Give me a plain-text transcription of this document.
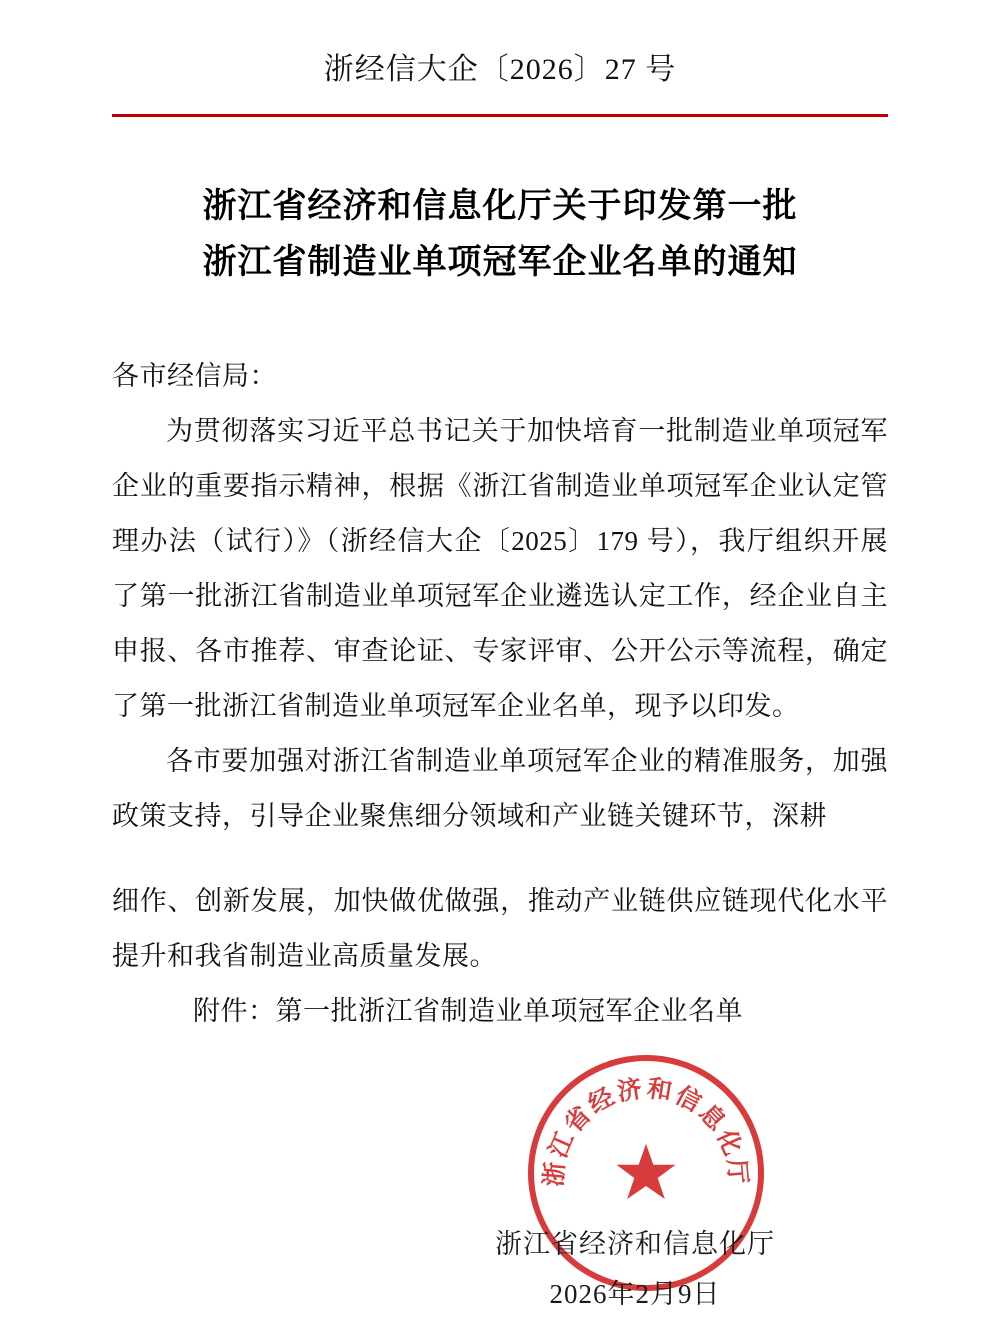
浙经信大企〔2026〕27 号
浙江省经济和信息化厅关于印发第一批
浙江省制造业单项冠军企业名单的通知

各市经信局：

为贯彻落实习近平总书记关于加快培育一批制造业单项冠军企业的重要指示精神，根据《浙江省制造业单项冠军企业认定管理办法（试行）》（浙经信大企〔2025〕179 号），我厅组织开展了第一批浙江省制造业单项冠军企业遴选认定工作，经企业自主申报、各市推荐、审查论证、专家评审、公开公示等流程，确定了第一批浙江省制造业单项冠军企业名单，现予以印发。

各市要加强对浙江省制造业单项冠军企业的精准服务，加强政策支持，引导企业聚焦细分领域和产业链关键环节，深耕

细作、创新发展，加快做优做强，推动产业链供应链现代化水平提升和我省制造业高质量发展。

附件：第一批浙江省制造业单项冠军企业名单

浙江省经济和信息化厅
浙江省经济和信息化厅
2026年2月9日
